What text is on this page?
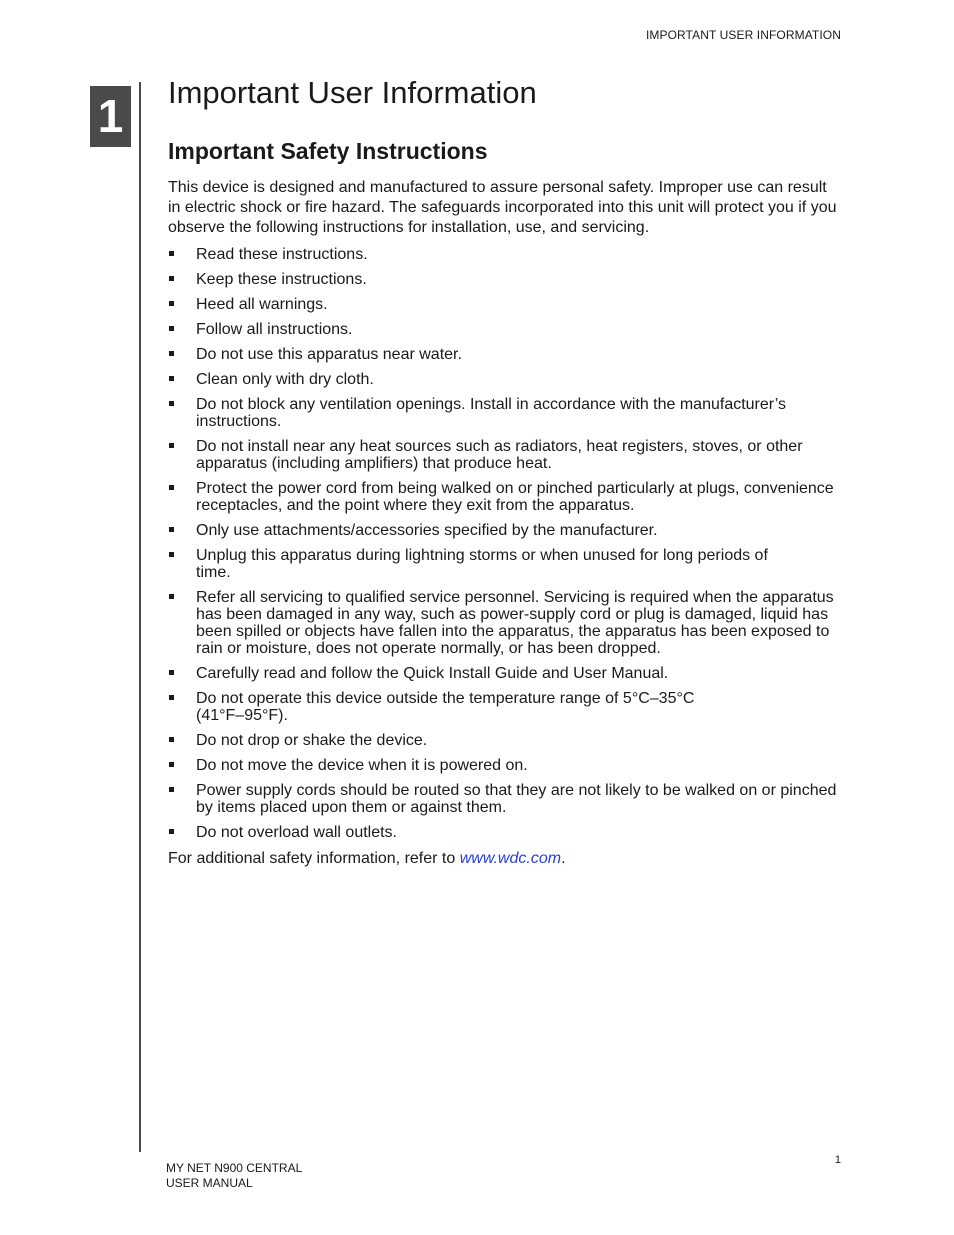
IMPORTANT USER INFORMATION
1 Important User Information
Important Safety Instructions

This device is designed and manufactured to assure personal safety. Improper use can result in electric shock or fire hazard. The safeguards incorporated into this unit will protect you if you observe the following instructions for installation, use, and servicing.

Read these instructions.
Keep these instructions.
Heed all warnings.
Follow all instructions.
Do not use this apparatus near water.
Clean only with dry cloth.
Do not block any ventilation openings. Install in accordance with the manufacturer’s instructions.
Do not install near any heat sources such as radiators, heat registers, stoves, or other apparatus (including amplifiers) that produce heat.
Protect the power cord from being walked on or pinched particularly at plugs, convenience receptacles, and the point where they exit from the apparatus.
Only use attachments/accessories specified by the manufacturer.
Unplug this apparatus during lightning storms or when unused for long periods of time.
Refer all servicing to qualified service personnel. Servicing is required when the apparatus has been damaged in any way, such as power-supply cord or plug is damaged, liquid has been spilled or objects have fallen into the apparatus, the apparatus has been exposed to rain or moisture, does not operate normally, or has been dropped.
Carefully read and follow the Quick Install Guide and User Manual.
Do not operate this device outside the temperature range of 5°C–35°C (41°F–95°F).
Do not drop or shake the device.
Do not move the device when it is powered on.
Power supply cords should be routed so that they are not likely to be walked on or pinched by items placed upon them or against them.
Do not overload wall outlets.

For additional safety information, refer to www.wdc.com.

MY NET N900 CENTRAL
USER MANUAL
1
